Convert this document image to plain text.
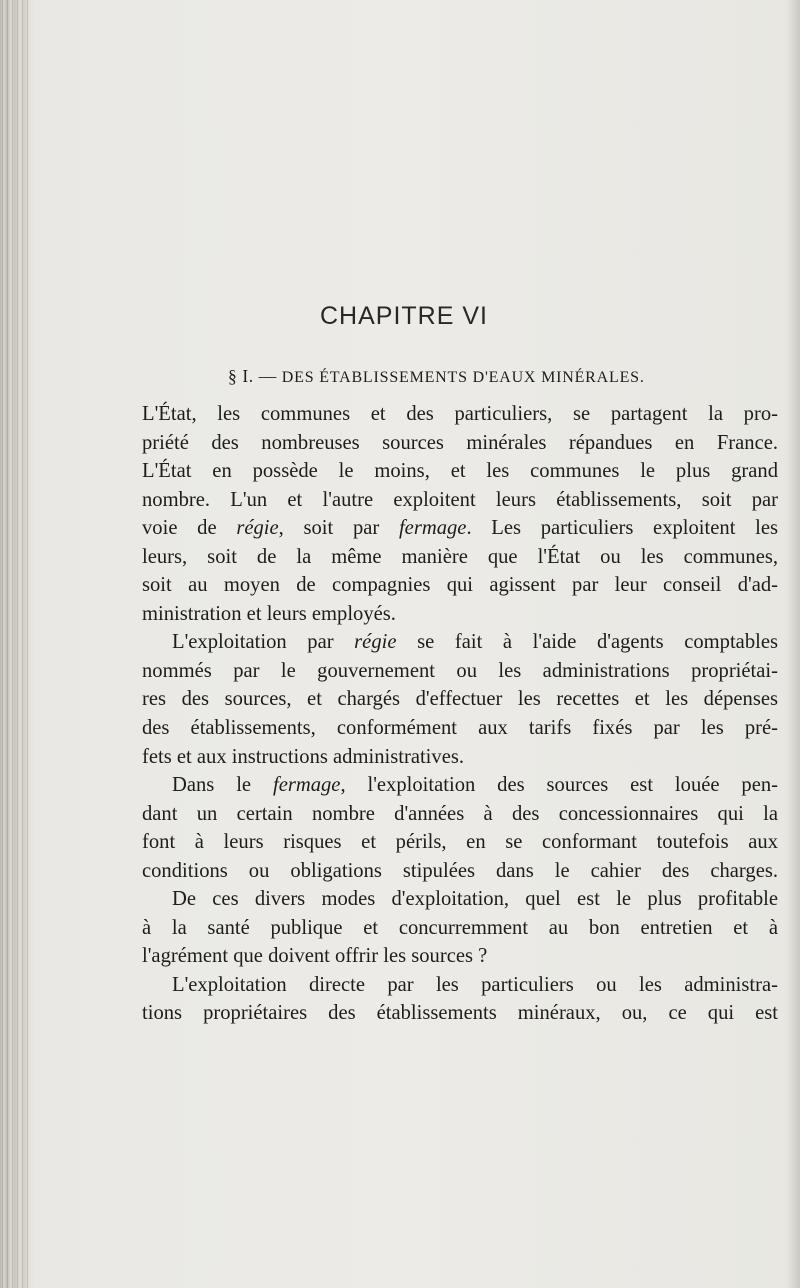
CHAPITRE VI
§ I. — DES ÉTABLISSEMENTS D'EAUX MINÉRALES.
L'État, les communes et des particuliers, se partagent la pro-
priété des nombreuses sources minérales répandues en France.
L'État en possède le moins, et les communes le plus grand
nombre. L'un et l'autre exploitent leurs établissements, soit par
voie de régie, soit par fermage. Les particuliers exploitent les
leurs, soit de la même manière que l'État ou les communes,
soit au moyen de compagnies qui agissent par leur conseil d'ad-
ministration et leurs employés.
L'exploitation par régie se fait à l'aide d'agents comptables
nommés par le gouvernement ou les administrations propriétai-
res des sources, et chargés d'effectuer les recettes et les dépenses
des établissements, conformément aux tarifs fixés par les pré-
fets et aux instructions administratives.
Dans le fermage, l'exploitation des sources est louée pen-
dant un certain nombre d'années à des concessionnaires qui la
font à leurs risques et périls, en se conformant toutefois aux
conditions ou obligations stipulées dans le cahier des charges.
De ces divers modes d'exploitation, quel est le plus profitable
à la santé publique et concurremment au bon entretien et à
l'agrément que doivent offrir les sources ?
L'exploitation directe par les particuliers ou les administra-
tions propriétaires des établissements minéraux, ou, ce qui est
